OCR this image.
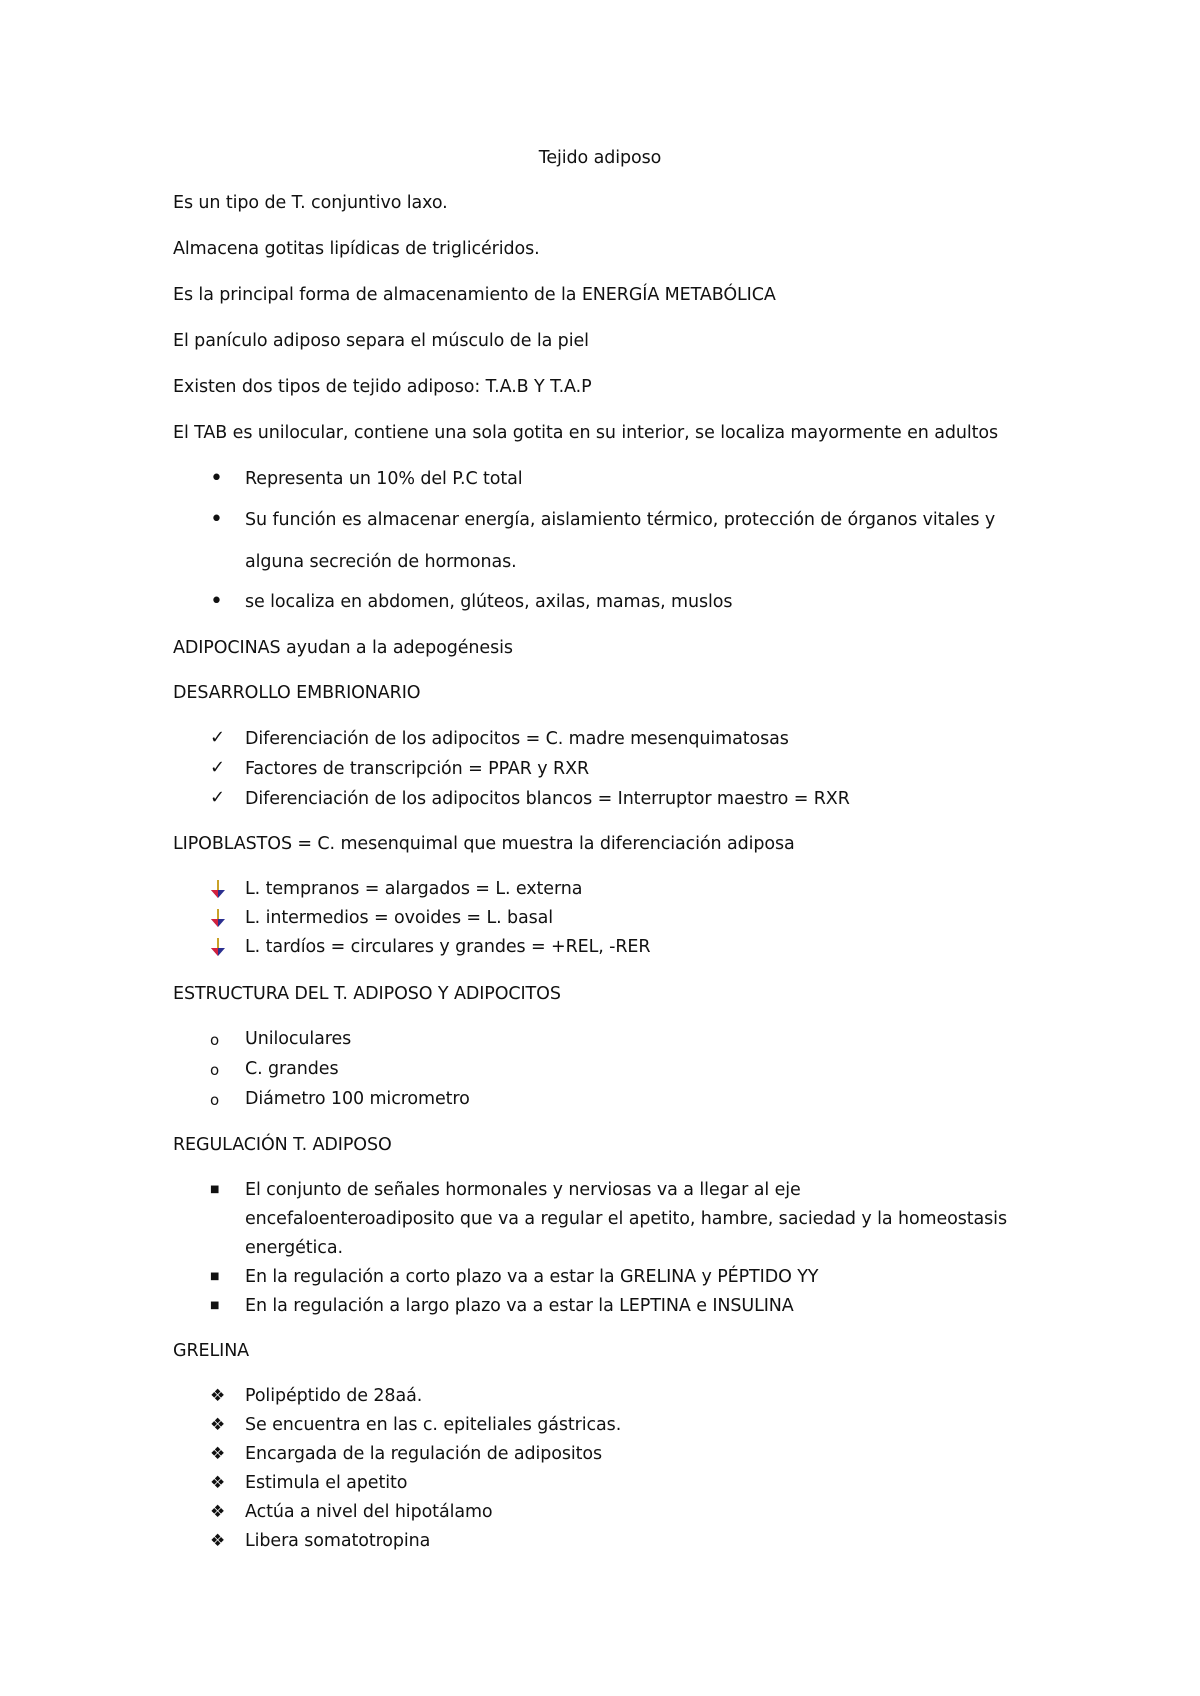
Tejido adiposo
Es un tipo de T. conjuntivo laxo.
Almacena gotitas lipídicas de triglicéridos.
Es la principal forma de almacenamiento de la ENERGÍA METABÓLICA
El panículo adiposo separa el músculo de la piel
Existen dos tipos de tejido adiposo: T.A.B Y T.A.P
El TAB es unilocular, contiene una sola gotita en su interior, se localiza mayormente en adultos
•	Representa un 10% del P.C total
•	Su función es almacenar energía, aislamiento térmico, protección de órganos vitales y
alguna secreción de hormonas.
•	se localiza en abdomen, glúteos, axilas, mamas, muslos
ADIPOCINAS ayudan a la adepogénesis
DESARROLLO EMBRIONARIO
✓ Diferenciación de los adipocitos = C. madre mesenquimatosas
✓ Factores de transcripción = PPAR y RXR
✓ Diferenciación de los adipocitos blancos = Interruptor maestro = RXR
LIPOBLASTOS = C. mesenquimal que muestra la diferenciación adiposa
L. tempranos = alargados = L. externa
L. intermedios = ovoides = L. basal
L. tardíos = circulares y grandes = +REL, -RER
ESTRUCTURA DEL T. ADIPOSO Y ADIPOCITOS
o	Uniloculares
o	C. grandes
o	Diámetro 100 micrometro
REGULACIÓN T. ADIPOSO
■	El conjunto de señales hormonales y nerviosas va a llegar al eje
encefaloenteroadiposito que va a regular el apetito, hambre, saciedad y la homeostasis
energética.
■	En la regulación a corto plazo va a estar la GRELINA y PÉPTIDO YY
■	En la regulación a largo plazo va a estar la LEPTINA e INSULINA
GRELINA
❖ Polipéptido de 28aá.
❖ Se encuentra en las c. epiteliales gástricas.
❖ Encargada de la regulación de adipositos
❖ Estimula el apetito
❖ Actúa a nivel del hipotálamo
❖ Libera somatotropina
